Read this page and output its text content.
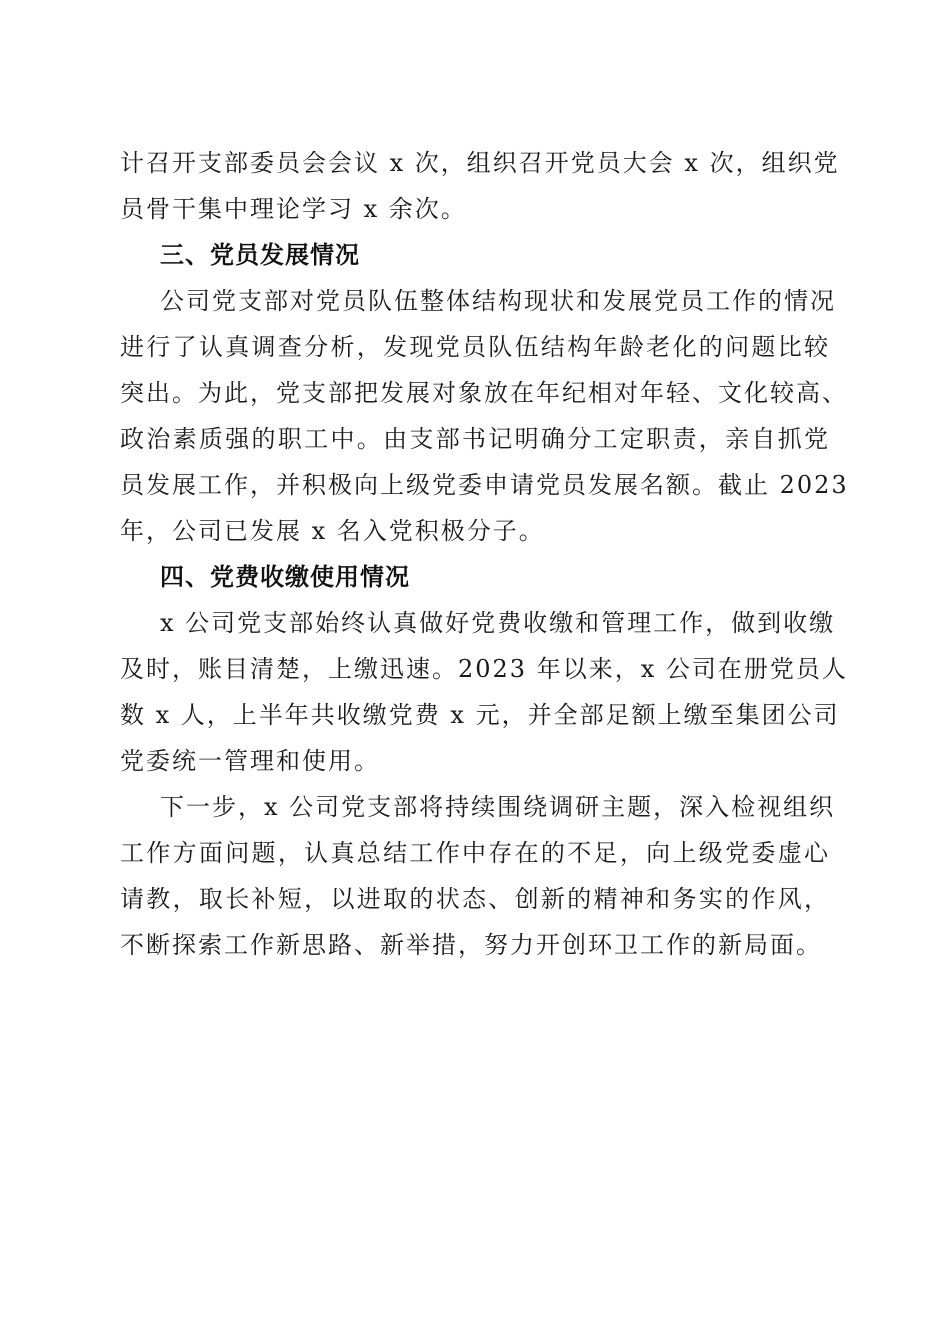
计召开支部委员会会议 x 次，组织召开党员大会 x 次，组织党
员骨干集中理论学习 x 余次。
三、党员发展情况
公司党支部对党员队伍整体结构现状和发展党员工作的情况
进行了认真调查分析，发现党员队伍结构年龄老化的问题比较
突出。为此，党支部把发展对象放在年纪相对年轻、文化较高、
政治素质强的职工中。由支部书记明确分工定职责，亲自抓党
员发展工作，并积极向上级党委申请党员发展名额。截止 2023
年，公司已发展 x 名入党积极分子。
四、党费收缴使用情况
x 公司党支部始终认真做好党费收缴和管理工作，做到收缴
及时，账目清楚，上缴迅速。2023 年以来，x 公司在册党员人
数 x 人，上半年共收缴党费 x 元，并全部足额上缴至集团公司
党委统一管理和使用。
下一步，x 公司党支部将持续围绕调研主题，深入检视组织
工作方面问题，认真总结工作中存在的不足，向上级党委虚心
请教，取长补短，以进取的状态、创新的精神和务实的作风，
不断探索工作新思路、新举措，努力开创环卫工作的新局面。
